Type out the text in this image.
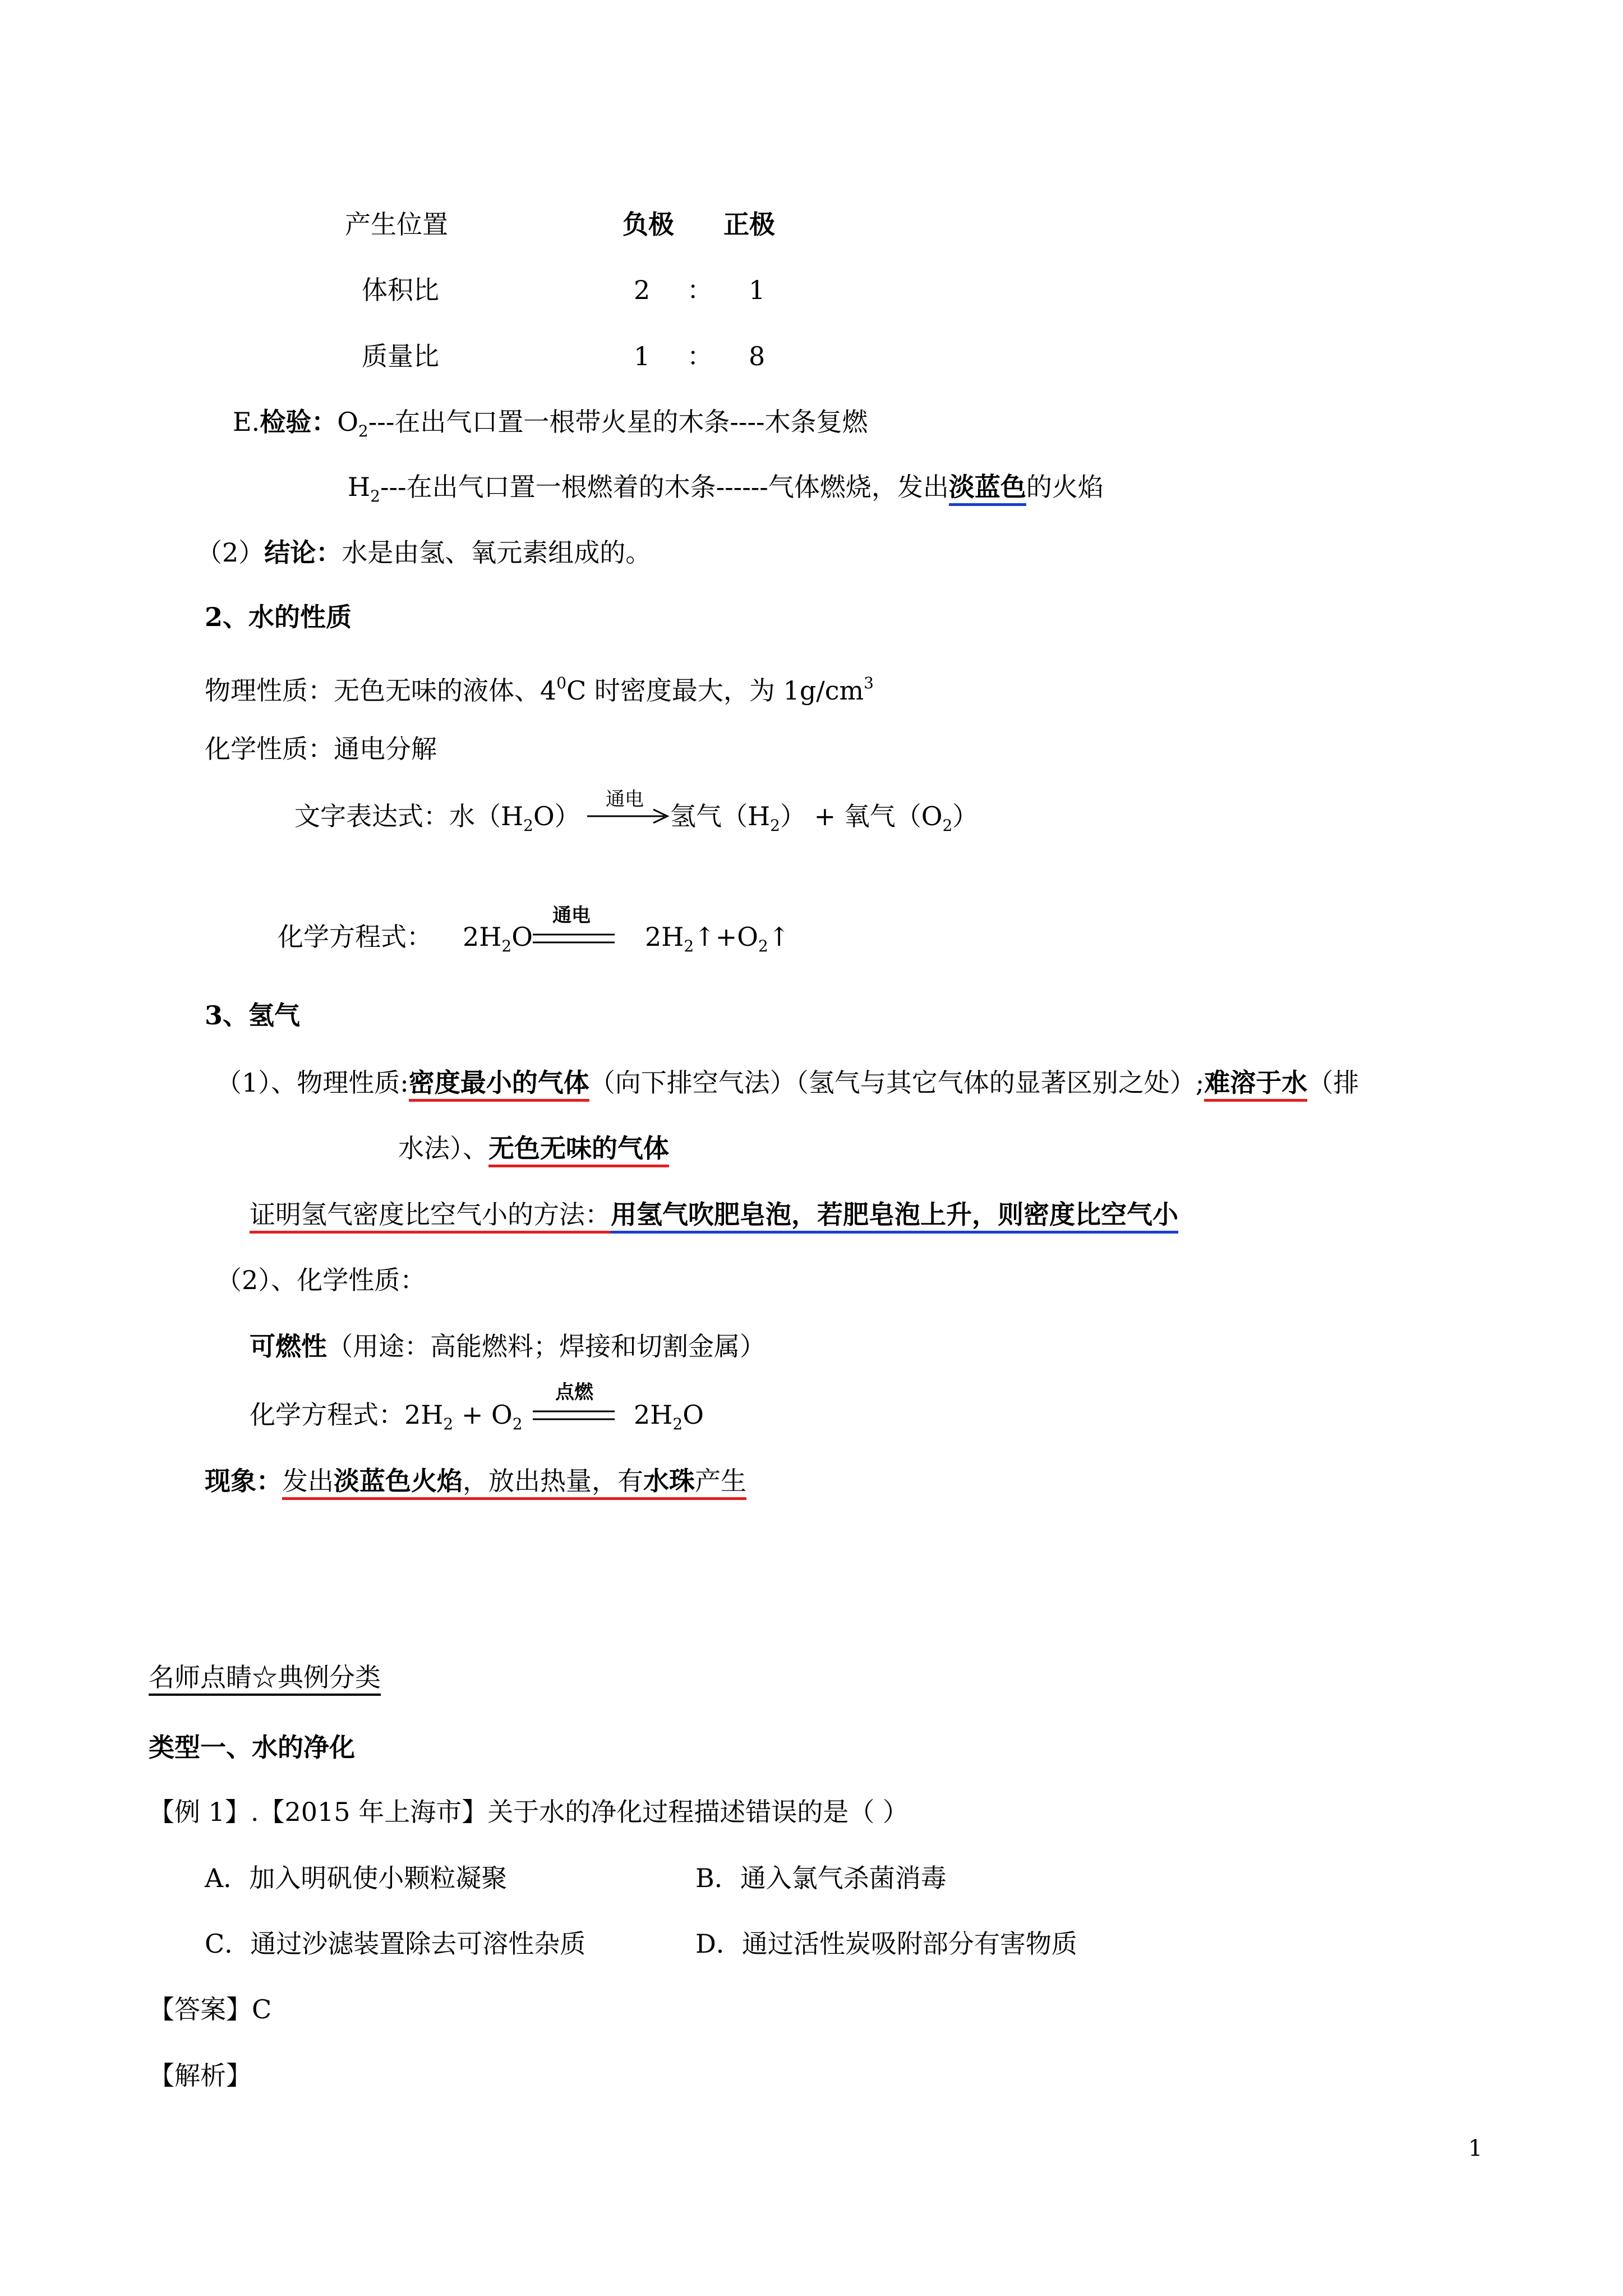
产生位置	负极 正极
体积比	2 ： 1
质量比	1 ： 8
E.检验：$O_2---$在出气口置一根带火星的木条----木条复燃
$H_2---$在出气口置一根燃着的木条------气体燃烧，发出淡蓝色的火焰
（2）结论：水是由氢、氧元素组成的。
2、水的性质
物理性质：无色无味的液体、$4^0C$ 时密度最大，为 $1g/cm^3$
化学性质：通电分解
通电
文字表达式：水$(H_2O)$	氢气$(H_2)$ + 氧气$(O_2)$
化学方程式： $2H_2O$
通电
$2H_2↑+O_2↑$
3、氢气
（1）、物理性质:密度最小的气体（向下排空气法）（氢气与其它气体的显著区别之处）;难溶于水（排
水法）、无色无味的气体
证明氢气密度比空气小的方法：用氢气吹肥皂泡，若肥皂泡上升，则密度比空气小
（2）、化学性质：
可燃性（用途：高能燃料；焊接和切割金属）
化学方程式：$2H_2 + O_2$
点燃
$2H_2O$
现象：发出淡蓝色火焰，放出热量，有水珠产生
名师点睛☆典例分类
类型一、水的净化
【例 1】.【2015 年上海市】关于水的净化过程描述错误的是（ ）
A．加入明矾使小颗粒凝聚	B．通入氯气杀菌消毒
C．通过沙滤装置除去可溶性杂质	D．通过活性炭吸附部分有害物质
【答案】C
【解析】
1
